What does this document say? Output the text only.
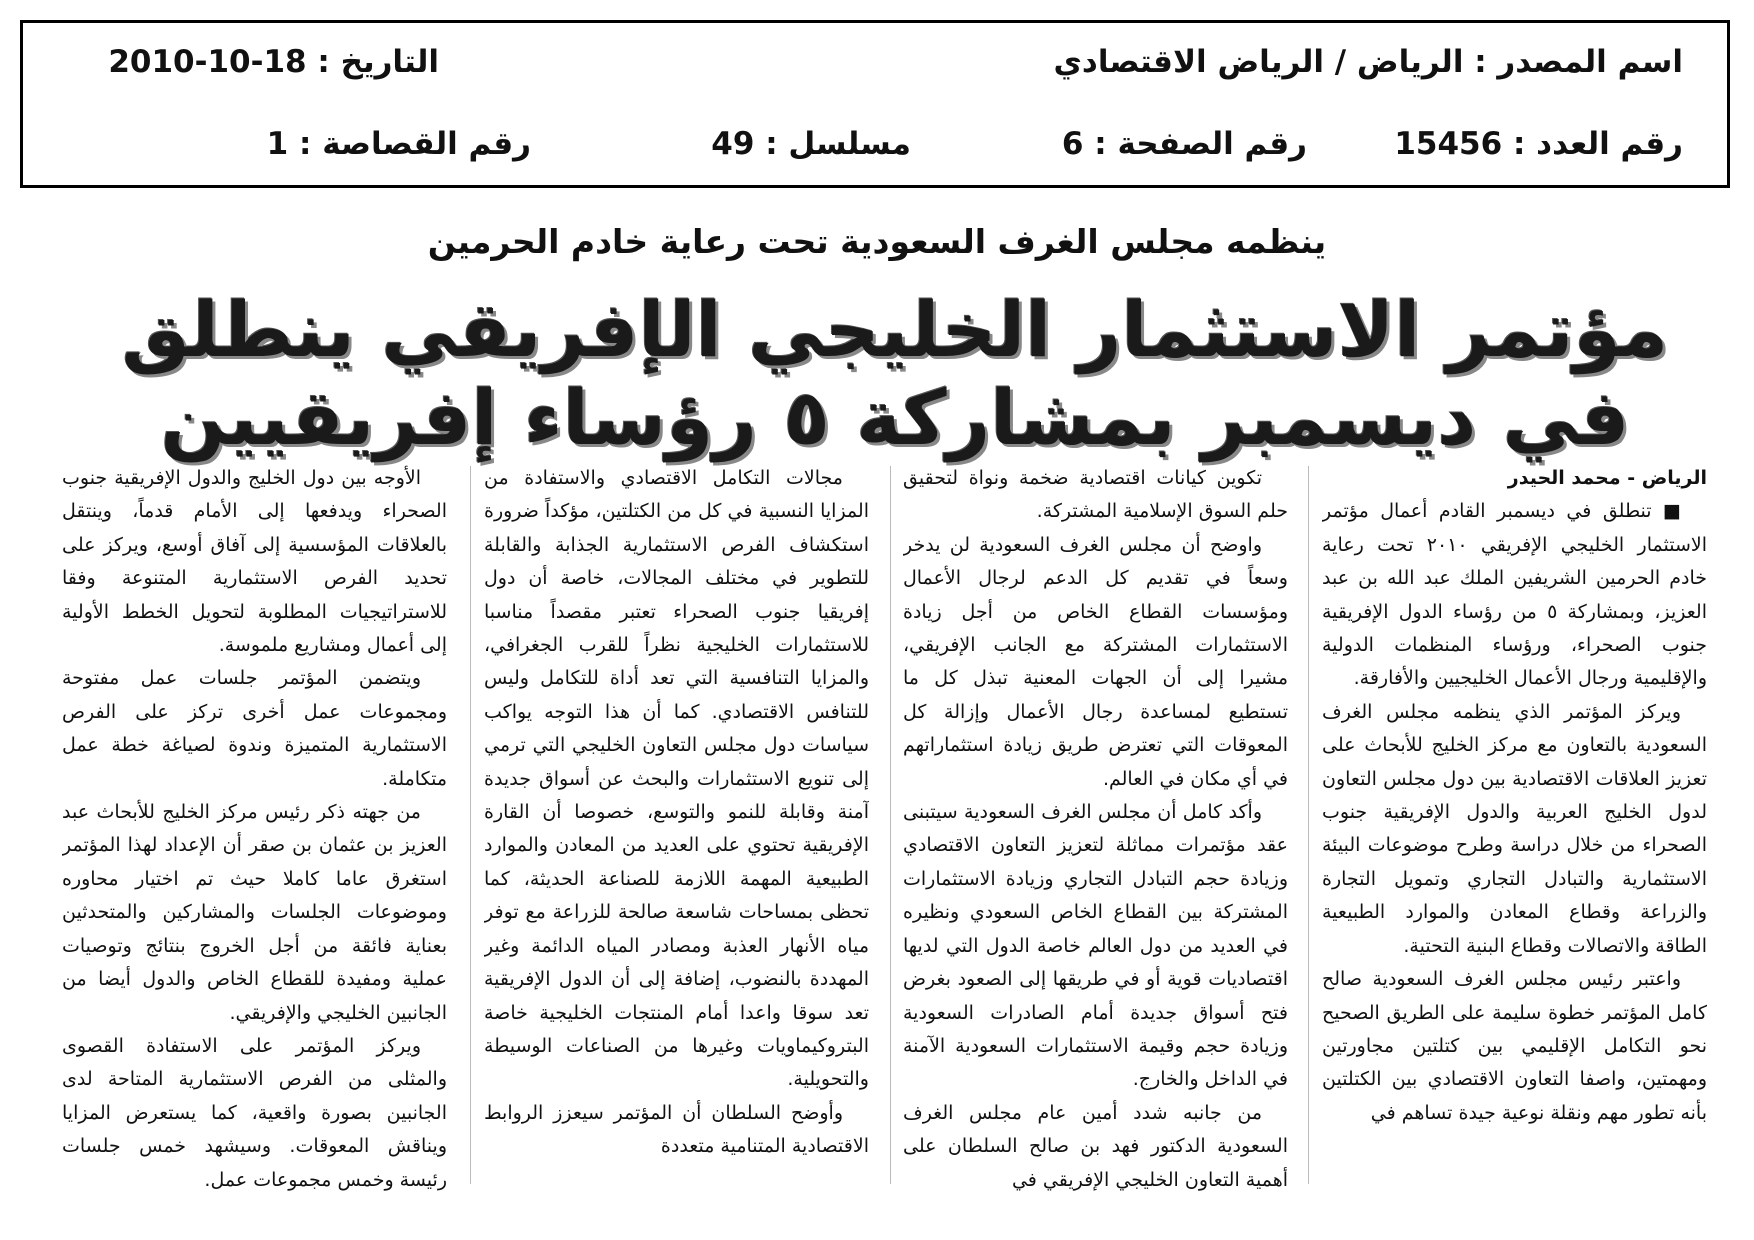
اسم المصدر : الرياض / الرياض الاقتصادي
التاريخ : 18-10-2010
رقم العدد : 15456
رقم الصفحة : 6
مسلسل : 49
رقم القصاصة : 1
ينظمه مجلس الغرف السعودية تحت رعاية خادم الحرمين
مؤتمر الاستثمار الخليجي الإفريقي ينطلق
في ديسمبر بمشاركة ٥ رؤساء إفريقيين
الرياض - محمد الحيدر

■ تنطلق في ديسمبر القادم أعمال مؤتمر الاستثمار الخليجي الإفريقي ٢٠١٠ تحت رعاية خادم الحرمين الشريفين الملك عبد الله بن عبد العزيز، وبمشاركة ٥ من رؤساء الدول الإفريقية جنوب الصحراء، ورؤساء المنظمات الدولية والإقليمية ورجال الأعمال الخليجيين والأفارقة.

ويركز المؤتمر الذي ينظمه مجلس الغرف السعودية بالتعاون مع مركز الخليج للأبحاث على تعزيز العلاقات الاقتصادية بين دول مجلس التعاون لدول الخليج العربية والدول الإفريقية جنوب الصحراء من خلال دراسة وطرح موضوعات البيئة الاستثمارية والتبادل التجاري وتمويل التجارة والزراعة وقطاع المعادن والموارد الطبيعية الطاقة والاتصالات وقطاع البنية التحتية.

واعتبر رئيس مجلس الغرف السعودية صالح كامل المؤتمر خطوة سليمة على الطريق الصحيح نحو التكامل الإقليمي بين كتلتين مجاورتين ومهمتين، واصفا التعاون الاقتصادي بين الكتلتين بأنه تطور مهم ونقلة نوعية جيدة تساهم في

تكوين كيانات اقتصادية ضخمة ونواة لتحقيق حلم السوق الإسلامية المشتركة.

واوضح أن مجلس الغرف السعودية لن يدخر وسعاً في تقديم كل الدعم لرجال الأعمال ومؤسسات القطاع الخاص من أجل زيادة الاستثمارات المشتركة مع الجانب الإفريقي، مشيرا إلى أن الجهات المعنية تبذل كل ما تستطيع لمساعدة رجال الأعمال وإزالة كل المعوقات التي تعترض طريق زيادة استثماراتهم في أي مكان في العالم.

وأكد كامل أن مجلس الغرف السعودية سيتبنى عقد مؤتمرات مماثلة لتعزيز التعاون الاقتصادي وزيادة حجم التبادل التجاري وزيادة الاستثمارات المشتركة بين القطاع الخاص السعودي ونظيره في العديد من دول العالم خاصة الدول التي لديها اقتصاديات قوية أو في طريقها إلى الصعود بغرض فتح أسواق جديدة أمام الصادرات السعودية وزيادة حجم وقيمة الاستثمارات السعودية الآمنة في الداخل والخارج.

من جانبه شدد أمين عام مجلس الغرف السعودية الدكتور فهد بن صالح السلطان على أهمية التعاون الخليجي الإفريقي في

مجالات التكامل الاقتصادي والاستفادة من المزايا النسبية في كل من الكتلتين، مؤكداً ضرورة استكشاف الفرص الاستثمارية الجذابة والقابلة للتطوير في مختلف المجالات، خاصة أن دول إفريقيا جنوب الصحراء تعتبر مقصداً مناسبا للاستثمارات الخليجية نظراً للقرب الجغرافي، والمزايا التنافسية التي تعد أداة للتكامل وليس للتنافس الاقتصادي. كما أن هذا التوجه يواكب سياسات دول مجلس التعاون الخليجي التي ترمي إلى تنويع الاستثمارات والبحث عن أسواق جديدة آمنة وقابلة للنمو والتوسع، خصوصا أن القارة الإفريقية تحتوي على العديد من المعادن والموارد الطبيعية المهمة اللازمة للصناعة الحديثة، كما تحظى بمساحات شاسعة صالحة للزراعة مع توفر مياه الأنهار العذبة ومصادر المياه الدائمة وغير المهددة بالنضوب، إضافة إلى أن الدول الإفريقية تعد سوقا واعدا أمام المنتجات الخليجية خاصة البتروكيماويات وغيرها من الصناعات الوسيطة والتحويلية.

وأوضح السلطان أن المؤتمر سيعزز الروابط الاقتصادية المتنامية متعددة

الأوجه بين دول الخليج والدول الإفريقية جنوب الصحراء ويدفعها إلى الأمام قدماً، وينتقل بالعلاقات المؤسسية إلى آفاق أوسع، ويركز على تحديد الفرص الاستثمارية المتنوعة وفقا للاستراتيجيات المطلوبة لتحويل الخطط الأولية إلى أعمال ومشاريع ملموسة.

ويتضمن المؤتمر جلسات عمل مفتوحة ومجموعات عمل أخرى تركز على الفرص الاستثمارية المتميزة وندوة لصياغة خطة عمل متكاملة.

من جهته ذكر رئيس مركز الخليج للأبحاث عبد العزيز بن عثمان بن صقر أن الإعداد لهذا المؤتمر استغرق عاما كاملا حيث تم اختيار محاوره وموضوعات الجلسات والمشاركين والمتحدثين بعناية فائقة من أجل الخروج بنتائج وتوصيات عملية ومفيدة للقطاع الخاص والدول أيضا من الجانبين الخليجي والإفريقي.

ويركز المؤتمر على الاستفادة القصوى والمثلى من الفرص الاستثمارية المتاحة لدى الجانبين بصورة واقعية، كما يستعرض المزايا ويناقش المعوقات. وسيشهد خمس جلسات رئيسة وخمس مجموعات عمل.
